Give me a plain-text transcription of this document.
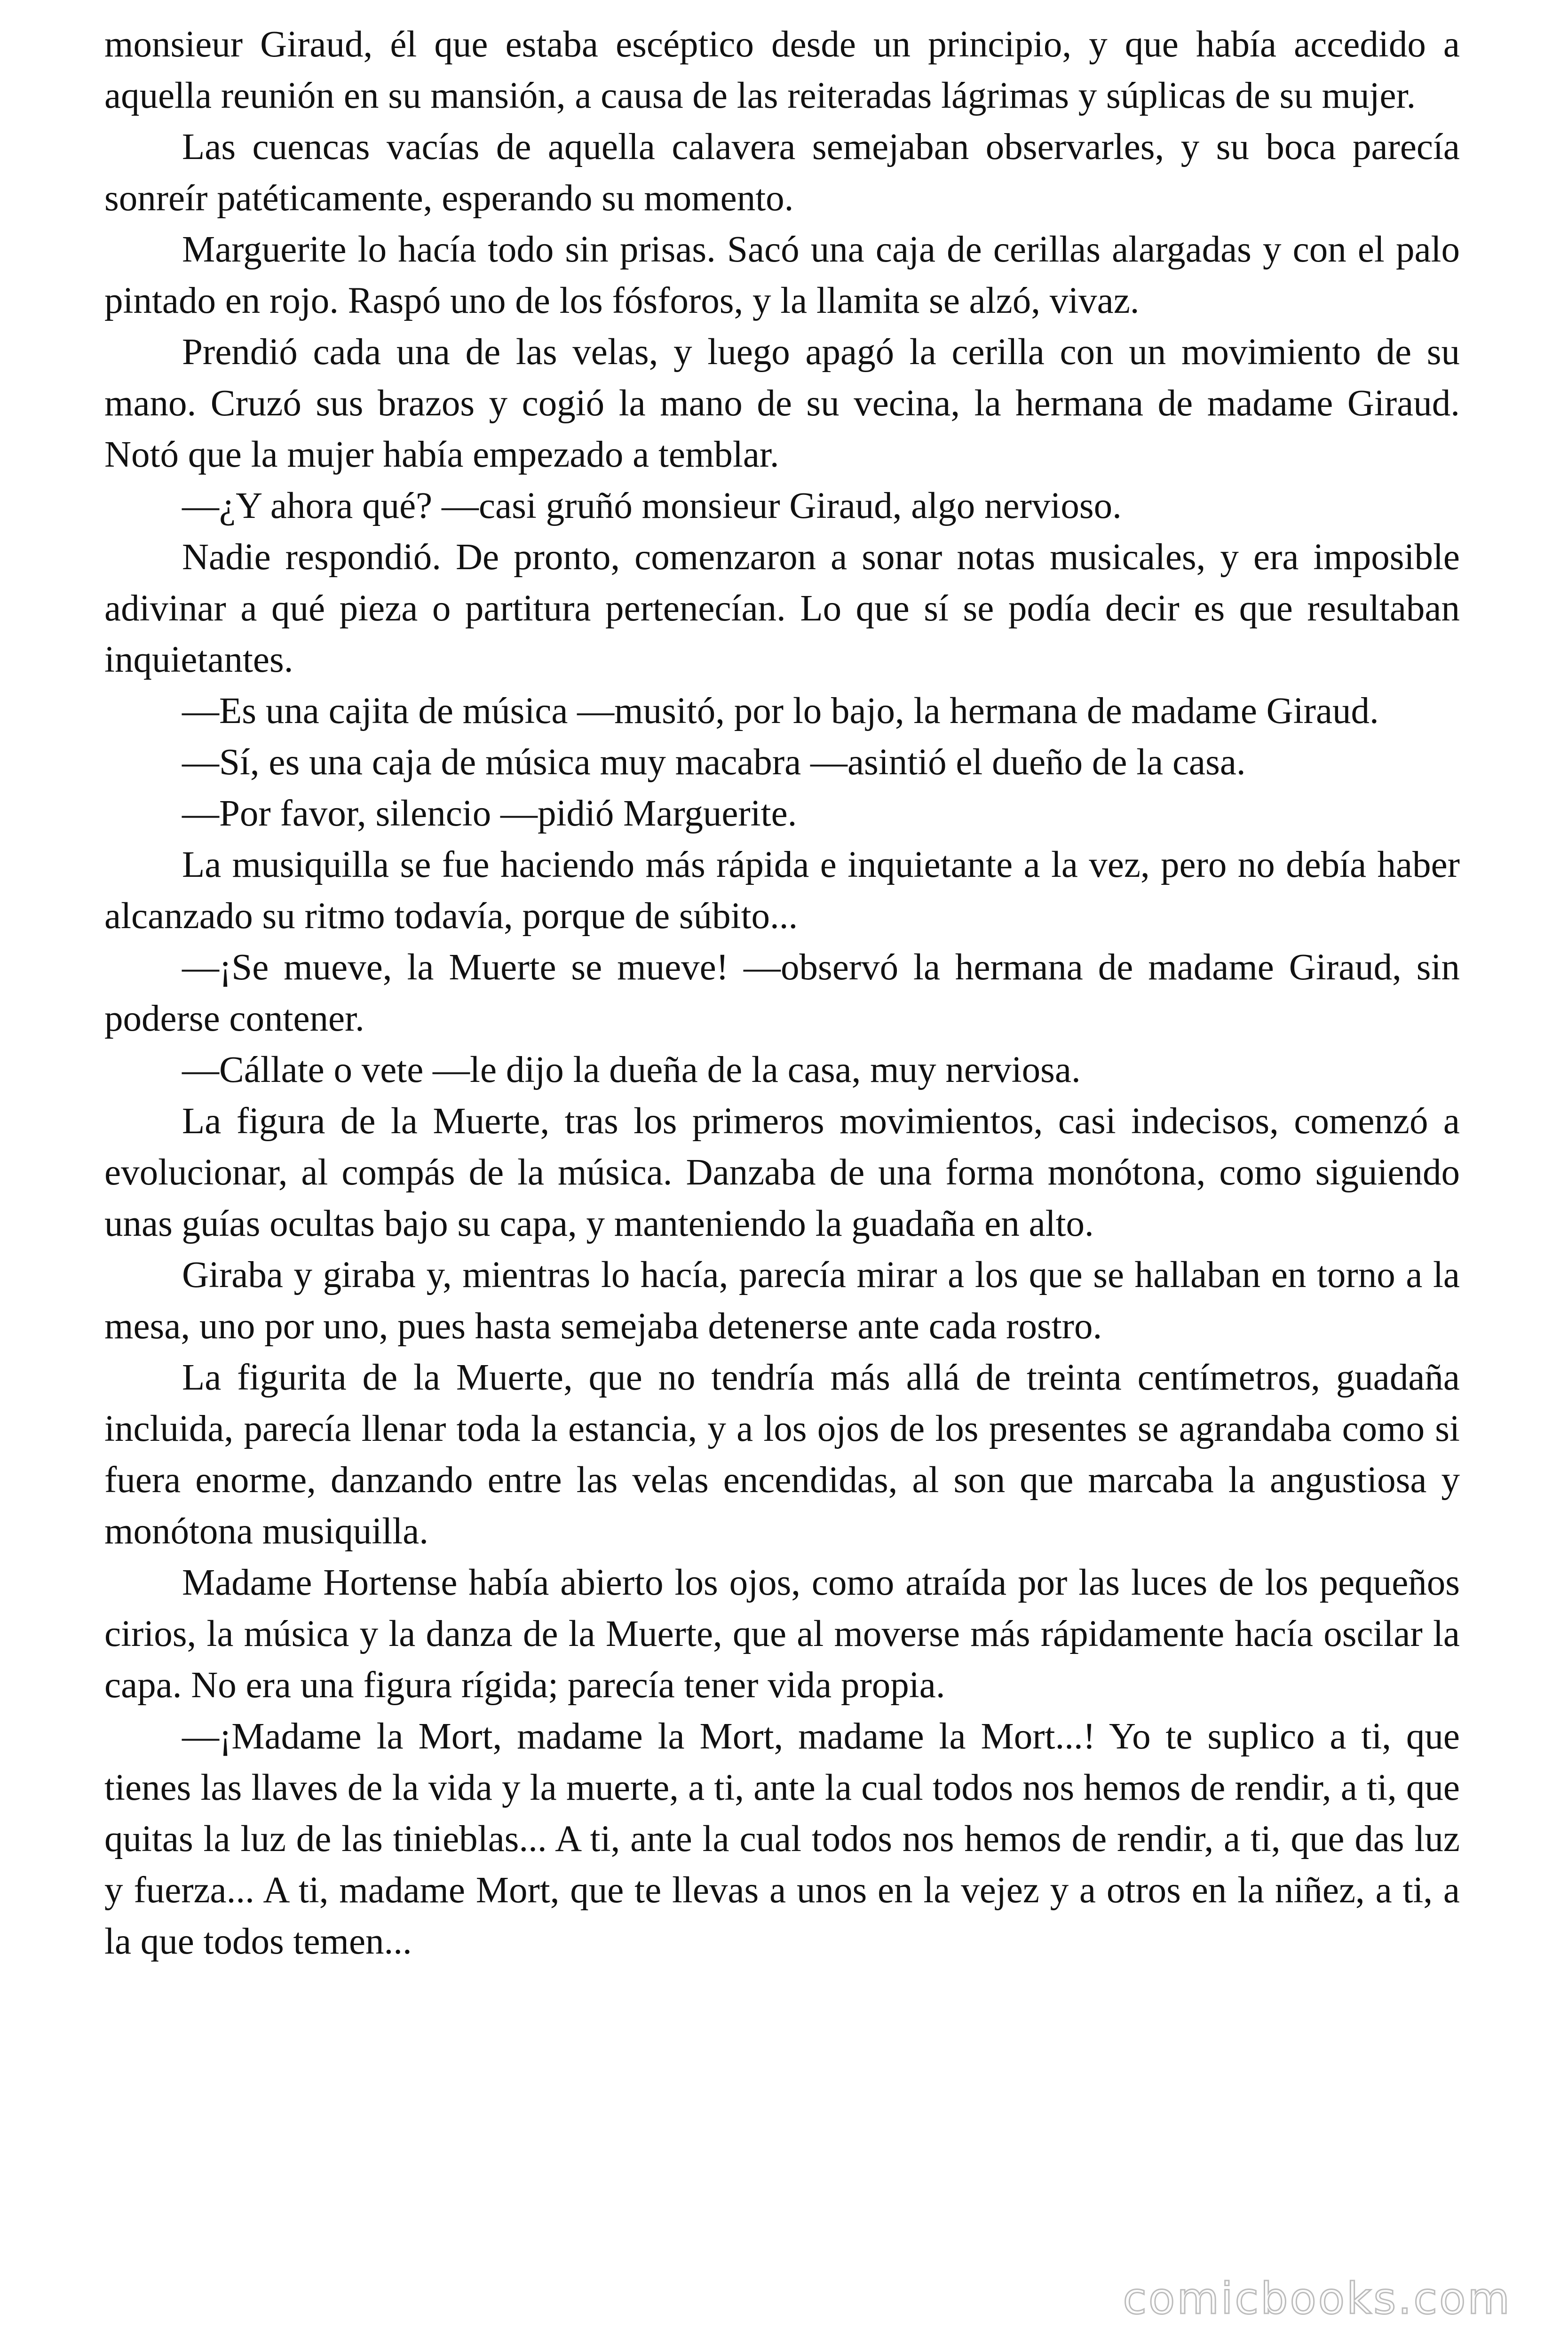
monsieur Giraud, él que estaba escéptico desde un principio, y que había accedido a aquella reunión en su mansión, a causa de las reiteradas lágrimas y súplicas de su mujer.

Las cuencas vacías de aquella calavera semejaban observarles, y su boca parecía sonreír patéticamente, esperando su momento.

Marguerite lo hacía todo sin prisas. Sacó una caja de cerillas alargadas y con el palo pintado en rojo. Raspó uno de los fósforos, y la llamita se alzó, vivaz.

Prendió cada una de las velas, y luego apagó la cerilla con un movimiento de su mano. Cruzó sus brazos y cogió la mano de su vecina, la hermana de madame Giraud. Notó que la mujer había empezado a temblar.

—¿Y ahora qué? —casi gruñó monsieur Giraud, algo nervioso.

Nadie respondió. De pronto, comenzaron a sonar notas musicales, y era imposible adivinar a qué pieza o partitura pertenecían. Lo que sí se podía decir es que resultaban inquietantes.

—Es una cajita de música —musitó, por lo bajo, la hermana de madame Giraud.

—Sí, es una caja de música muy macabra —asintió el dueño de la casa.

—Por favor, silencio —pidió Marguerite.

La musiquilla se fue haciendo más rápida e inquietante a la vez, pero no debía haber alcanzado su ritmo todavía, porque de súbito...

—¡Se mueve, la Muerte se mueve! —observó la hermana de madame Giraud, sin poderse contener.

—Cállate o vete —le dijo la dueña de la casa, muy nerviosa.

La figura de la Muerte, tras los primeros movimientos, casi indecisos, comenzó a evolucionar, al compás de la música. Danzaba de una forma monótona, como siguiendo unas guías ocultas bajo su capa, y manteniendo la guadaña en alto.

Giraba y giraba y, mientras lo hacía, parecía mirar a los que se hallaban en torno a la mesa, uno por uno, pues hasta semejaba detenerse ante cada rostro.

La figurita de la Muerte, que no tendría más allá de treinta centímetros, guadaña incluida, parecía llenar toda la estancia, y a los ojos de los presentes se agrandaba como si fuera enorme, danzando entre las velas encendidas, al son que marcaba la angustiosa y monótona musiquilla.

Madame Hortense había abierto los ojos, como atraída por las luces de los pequeños cirios, la música y la danza de la Muerte, que al moverse más rápidamente hacía oscilar la capa. No era una figura rígida; parecía tener vida propia.

—¡Madame la Mort, madame la Mort, madame la Mort...! Yo te suplico a ti, que tienes las llaves de la vida y la muerte, a ti, ante la cual todos nos hemos de rendir, a ti, que quitas la luz de las tinieblas... A ti, ante la cual todos nos hemos de rendir, a ti, que das luz y fuerza... A ti, madame Mort, que te llevas a unos en la vejez y a otros en la niñez, a ti, a la que todos temen...

comicbooks.com
